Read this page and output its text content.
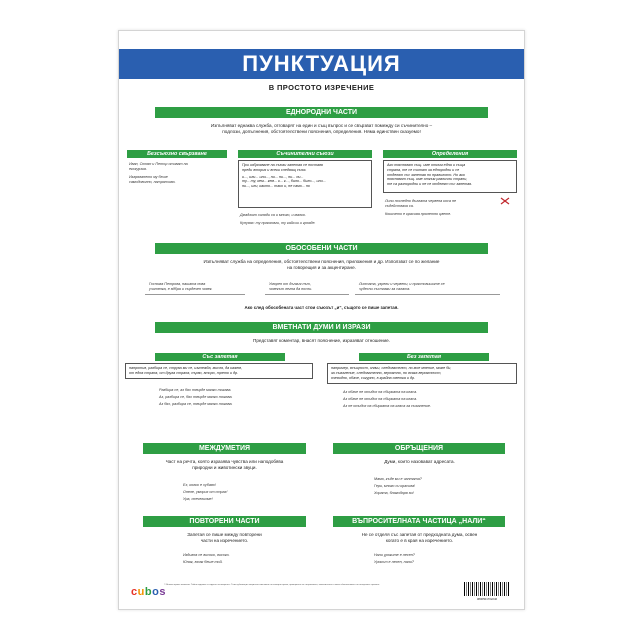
ПУНКТУАЦИЯ
В ПРОСТОТО ИЗРЕЧЕНИЕ
ЕДНОРОДНИ ЧАСТИ
Изпълняват еднаква служба, отговарят на един и същ въпрос и се свързват помежду си съчинително –
подлози, допълнения, обстоятелствени пояснения, определения. Няма единствен сказуемо!
Безсъюзно свързване
Иван, Стоян и Петър отиват на
екскурзия.
Изгряването му беше
самодоволно, натрапчиво.
Съчинителни съюзи
При изброяване на съюзи запетая се поставя
преди втория и всеки следващ съюз.
и..., или... или..., ни... ни..., ни... ни...
ту... ту, кем... кем... к... к..., било... било..., или...
ни..., или, както... тако и, не само... но
Джаджит хиляди са и много, и малко.
Купувах: ту прасковги, ту кайсии и грозде.
Определения
Ако поясняват същ. име откъм една и съща
страна, те се считат за еднородни и се
отделят със запетая по правилото. Но ако
поясняват същ. име откъм различни страни,
те са разнородни и не се отделят със запетая.
Лили последно дългата червена коса не
съдействаха са.
Кокичето е красива пролетно цвете.
ОБОСОБЕНИ ЧАСТИ
Изпълняват служба на определения, обстоятелствени пояснения, приложения и др. Използват се по желание
на говорещия и за акцентиране.
Госпожа Петрова, нашата нова
учителка, е вдбра и сърдечен човек.
Уморен от дългия път,
човекът легна да поспи.
Листата, узрели и червени, и нрастовишите се
чудесни съставки за салата.
Ако след обособената част стои съюзът „и“, същото се пише запетая.
ВМЕТНАТИ ДУМИ И ИЗРАЗИ
Представят коментар, внасят пояснение, изразяват отношение.
Със запетая
напротив, разбира се, струва ми се, изглежда, мисля, да кажем,
от една страна, от друга страна, първо, второ, трето и др.
Разбира се, аз бях твърде малко тогава.
Аз, разбира се, бях твърде малко тогава.
Аз бях, разбира се, твърде малко тогава.
Без запетая
например, всъщност, значи, следователно, по мое мнение, може би,
за съжаление, следователно, вероятно, по всяка вероятност,
очевидно, обаче, сигурно, в крайна сметка и др.
Аз обаче не отидох на сбирката на класа.
Аз обаче не отидох на сбирката на класа.
Аз не отидох на сбирката на класа за съжаление.
МЕЖДУМЕТИЯ
Част на речта, която изразява чувства или наподобява
природни и животински звуци.
Ех, колко е хубаво!
Опеле, уморих от страх!
Ура, спечелихме!
ОБРЪЩЕНИЯ
Думи, които назовават адресата.
Мамо, къде ми е чантата?
Гери, много си красива!
Хората, благодаря ви!
ПОВТОРЕНИ ЧАСТИ
Запетая се пише между повторени
части на изречението.
Издигна се високо, високо.
Юнак, юнак беше той.
ВЪПРОСИТЕЛНАТА ЧАСТИЦА „НАЛИ“
Не се отделя със запетая от предходната дума, освен
когато е в края на изречението.
Нали уроките е лесен?
Урокът е лесен, нали?
cubos
© Всички права запазени. Тайно издание от издател отговорност. Тази публикация защитена изискване на копирни права, принципата на свързанието, включително в закон обезпечението на авторските правата.
3800501702246
